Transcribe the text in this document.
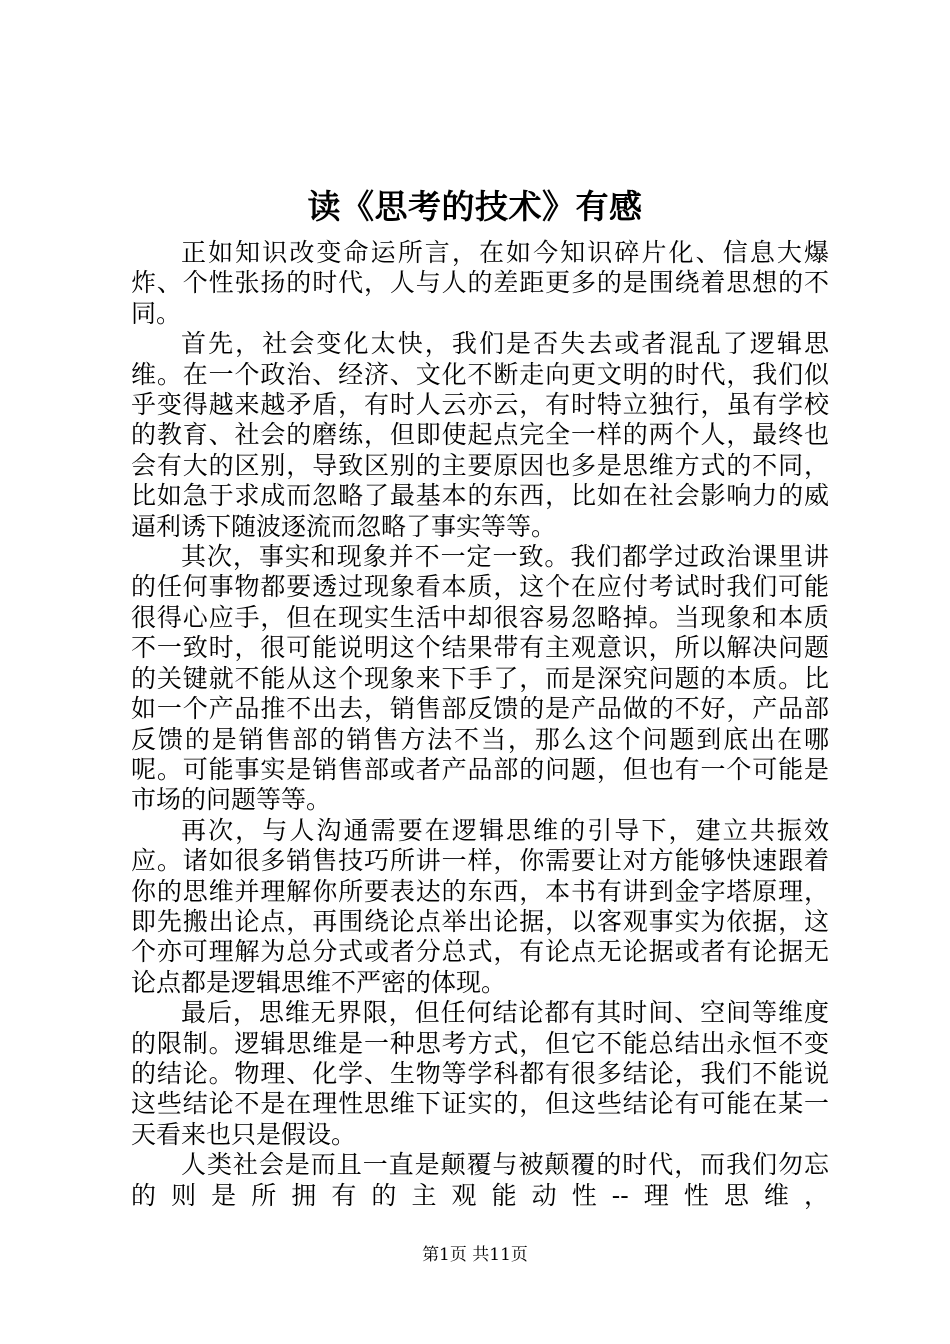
读《思考的技术》有感

正如知识改变命运所言，在如今知识碎片化、信息大爆炸、个性张扬的时代，人与人的差距更多的是围绕着思想的不同。

首先，社会变化太快，我们是否失去或者混乱了逻辑思维。在一个政治、经济、文化不断走向更文明的时代，我们似乎变得越来越矛盾，有时人云亦云，有时特立独行，虽有学校的教育、社会的磨练，但即使起点完全一样的两个人，最终也会有大的区别，导致区别的主要原因也多是思维方式的不同，比如急于求成而忽略了最基本的东西，比如在社会影响力的威逼利诱下随波逐流而忽略了事实等等。

其次，事实和现象并不一定一致。我们都学过政治课里讲的任何事物都要透过现象看本质，这个在应付考试时我们可能很得心应手，但在现实生活中却很容易忽略掉。当现象和本质不一致时，很可能说明这个结果带有主观意识，所以解决问题的关键就不能从这个现象来下手了，而是深究问题的本质。比如一个产品推不出去，销售部反馈的是产品做的不好，产品部反馈的是销售部的销售方法不当，那么这个问题到底出在哪呢。可能事实是销售部或者产品部的问题，但也有一个可能是市场的问题等等。

再次，与人沟通需要在逻辑思维的引导下，建立共振效应。诸如很多销售技巧所讲一样，你需要让对方能够快速跟着你的思维并理解你所要表达的东西，本书有讲到金字塔原理，即先搬出论点，再围绕论点举出论据，以客观事实为依据，这个亦可理解为总分式或者分总式，有论点无论据或者有论据无论点都是逻辑思维不严密的体现。

最后，思维无界限，但任何结论都有其时间、空间等维度的限制。逻辑思维是一种思考方式，但它不能总结出永恒不变的结论。物理、化学、生物等学科都有很多结论，我们不能说这些结论不是在理性思维下证实的，但这些结论有可能在某一天看来也只是假设。

人类社会是而且一直是颠覆与被颠覆的时代，而我们勿忘的则是所拥有的主观能动性--理性思维，

第1页 共11页
